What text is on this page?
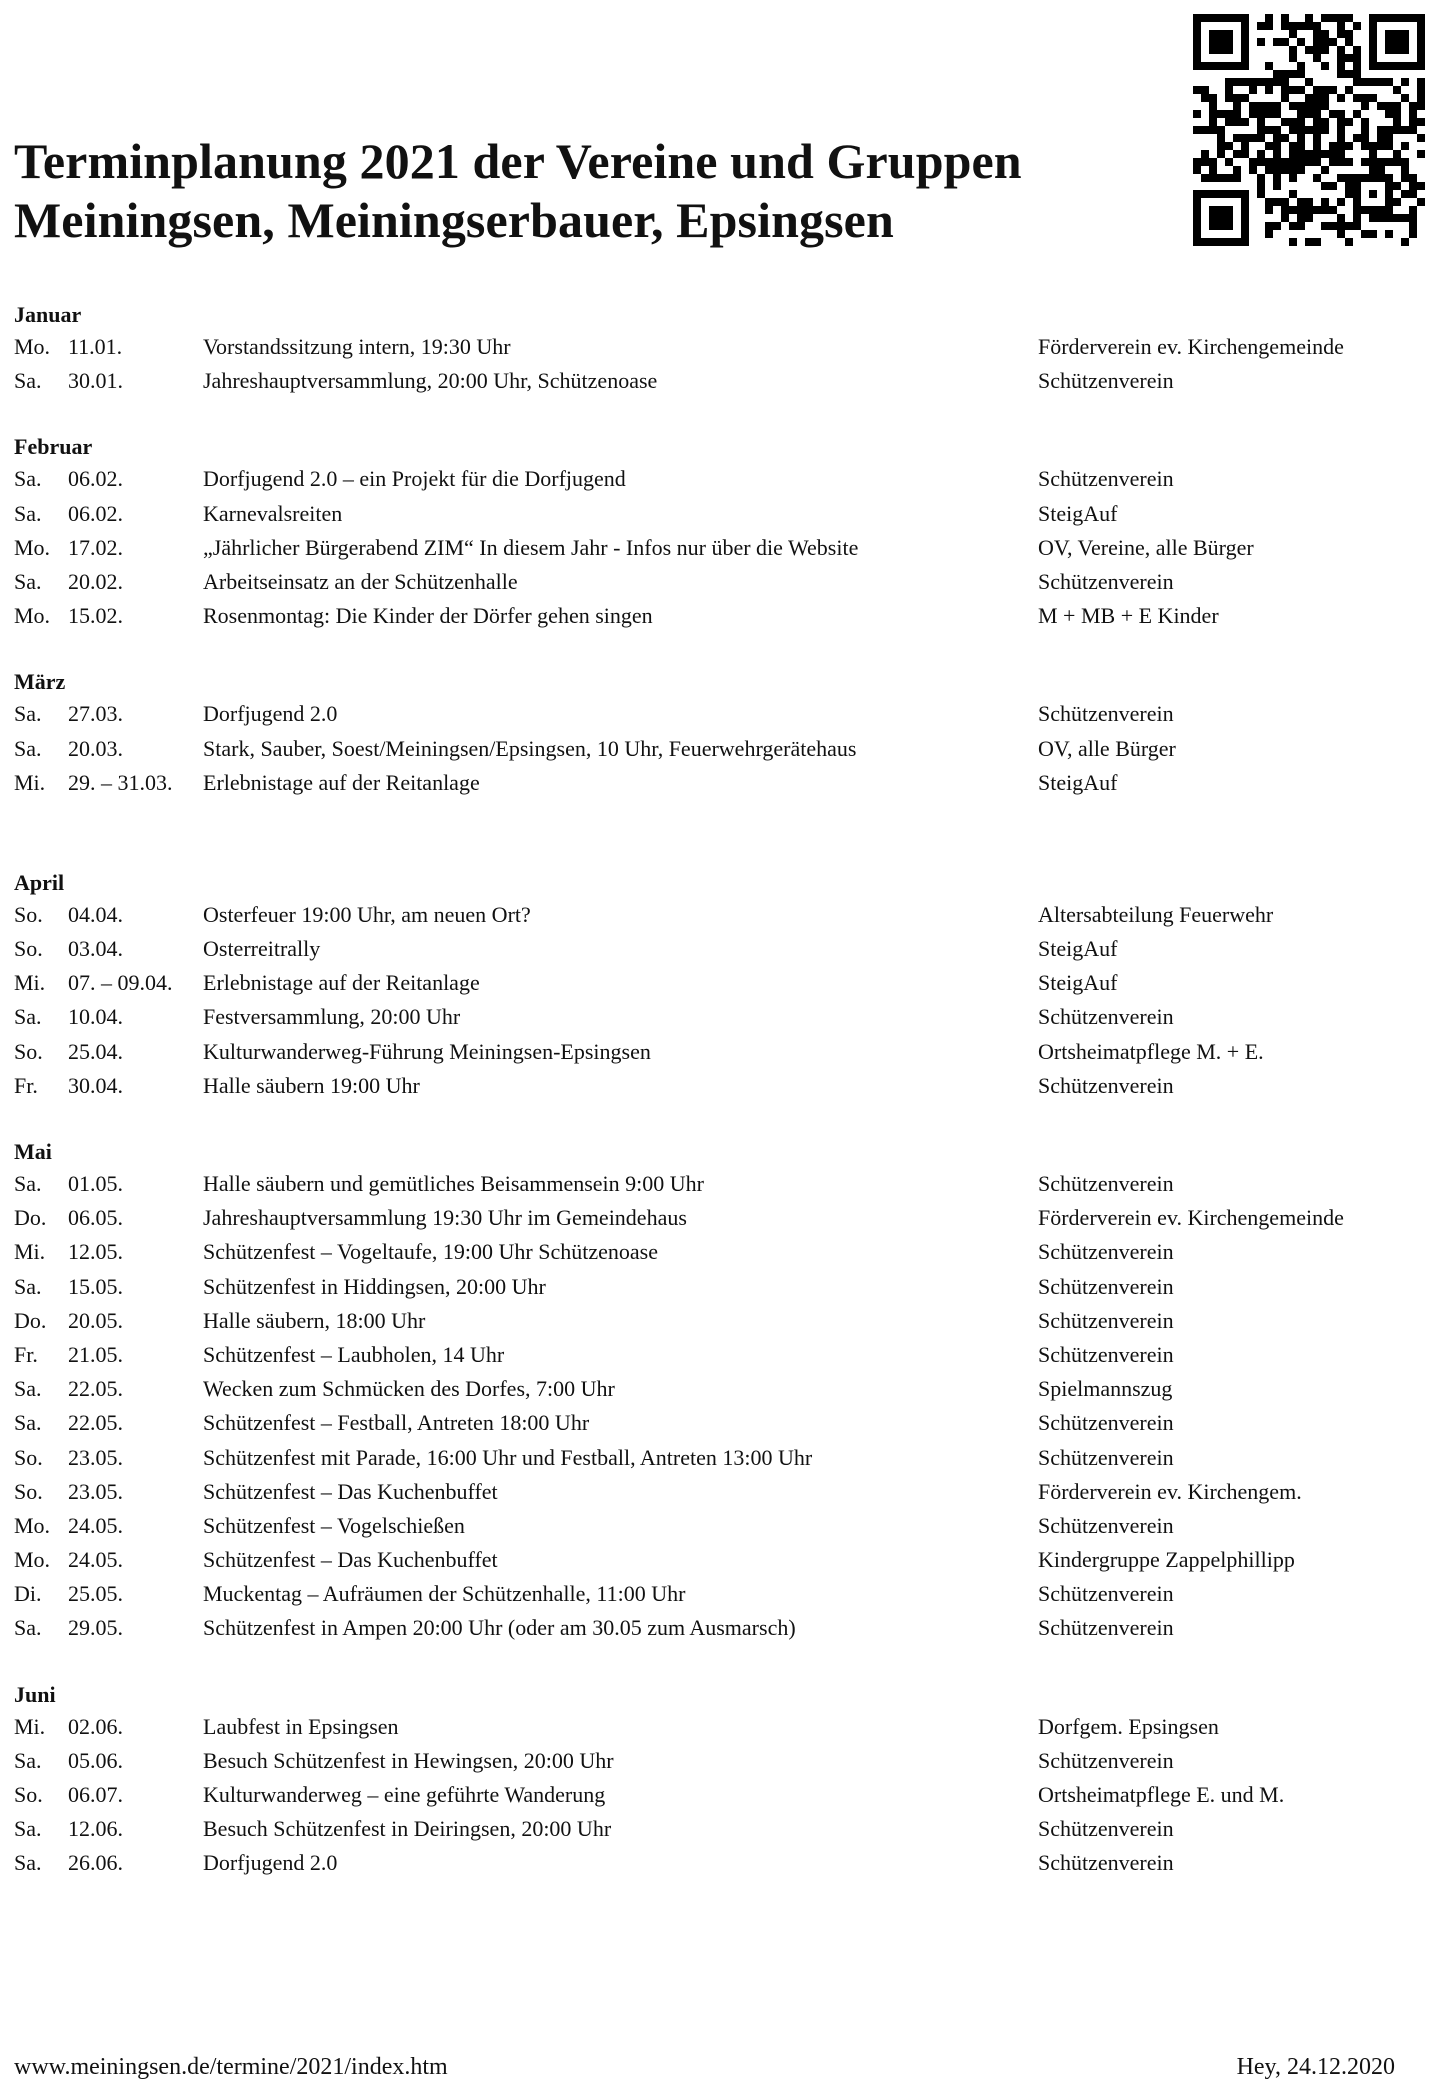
Terminplanung 2021 der Vereine und Gruppen
Meiningsen, Meiningserbauer, Epsingsen
Januar
Mo. 11.01.	Vorstandssitzung intern, 19:30 Uhr	Förderverein ev. Kirchengemeinde
Sa. 30.01.	Jahreshauptversammlung, 20:00 Uhr, Schützenoase	Schützenverein
Februar
Sa. 06.02.	Dorfjugend 2.0 – ein Projekt für die Dorfjugend	Schützenverein
Sa. 06.02.	Karnevalsreiten	SteigAuf
Mo. 17.02.	„Jährlicher Bürgerabend ZIM“ In diesem Jahr - Infos nur über die Website	OV, Vereine, alle Bürger
Sa. 20.02.	Arbeitseinsatz an der Schützenhalle	Schützenverein
Mo. 15.02.	Rosenmontag: Die Kinder der Dörfer gehen singen	M + MB + E Kinder
März
Sa. 27.03.	Dorfjugend 2.0	Schützenverein
Sa. 20.03.	Stark, Sauber, Soest/Meiningsen/Epsingsen, 10 Uhr, Feuerwehrgerätehaus	OV, alle Bürger
Mi. 29. – 31.03. Erlebnistage auf der Reitanlage	SteigAuf
April
So. 04.04.	Osterfeuer 19:00 Uhr, am neuen Ort?	Altersabteilung Feuerwehr
So. 03.04.	Osterreitrally	SteigAuf
Mi. 07. – 09.04. Erlebnistage auf der Reitanlage	SteigAuf
Sa. 10.04.	Festversammlung, 20:00 Uhr	Schützenverein
So. 25.04.	Kulturwanderweg-Führung Meiningsen-Epsingsen	Ortsheimatpflege M. + E.
Fr. 30.04.	Halle säubern 19:00 Uhr	Schützenverein
Mai
Sa. 01.05.	Halle säubern und gemütliches Beisammensein 9:00 Uhr	Schützenverein
Do. 06.05.	Jahreshauptversammlung 19:30 Uhr im Gemeindehaus	Förderverein ev. Kirchengemeinde
Mi. 12.05.	Schützenfest – Vogeltaufe, 19:00 Uhr Schützenoase	Schützenverein
Sa. 15.05.	Schützenfest in Hiddingsen, 20:00 Uhr	Schützenverein
Do. 20.05.	Halle säubern, 18:00 Uhr	Schützenverein
Fr. 21.05.	Schützenfest – Laubholen, 14 Uhr	Schützenverein
Sa. 22.05.	Wecken zum Schmücken des Dorfes, 7:00 Uhr	Spielmannszug
Sa. 22.05.	Schützenfest – Festball, Antreten 18:00 Uhr	Schützenverein
So. 23.05.	Schützenfest mit Parade, 16:00 Uhr und Festball, Antreten 13:00 Uhr	Schützenverein
So. 23.05.	Schützenfest – Das Kuchenbuffet	Förderverein ev. Kirchengem.
Mo. 24.05.	Schützenfest – Vogelschießen	Schützenverein
Mo. 24.05.	Schützenfest – Das Kuchenbuffet	Kindergruppe Zappelphillipp
Di. 25.05.	Muckentag – Aufräumen der Schützenhalle, 11:00 Uhr	Schützenverein
Sa. 29.05.	Schützenfest in Ampen 20:00 Uhr (oder am 30.05 zum Ausmarsch)	Schützenverein
Juni
Mi. 02.06.	Laubfest in Epsingsen	Dorfgem. Epsingsen
Sa. 05.06.	Besuch Schützenfest in Hewingsen, 20:00 Uhr	Schützenverein
So. 06.07.	Kulturwanderweg – eine geführte Wanderung	Ortsheimatpflege E. und M.
Sa. 12.06.	Besuch Schützenfest in Deiringsen, 20:00 Uhr	Schützenverein
Sa. 26.06.	Dorfjugend 2.0	Schützenverein
www.meiningsen.de/termine/2021/index.htm	Hey, 24.12.2020
